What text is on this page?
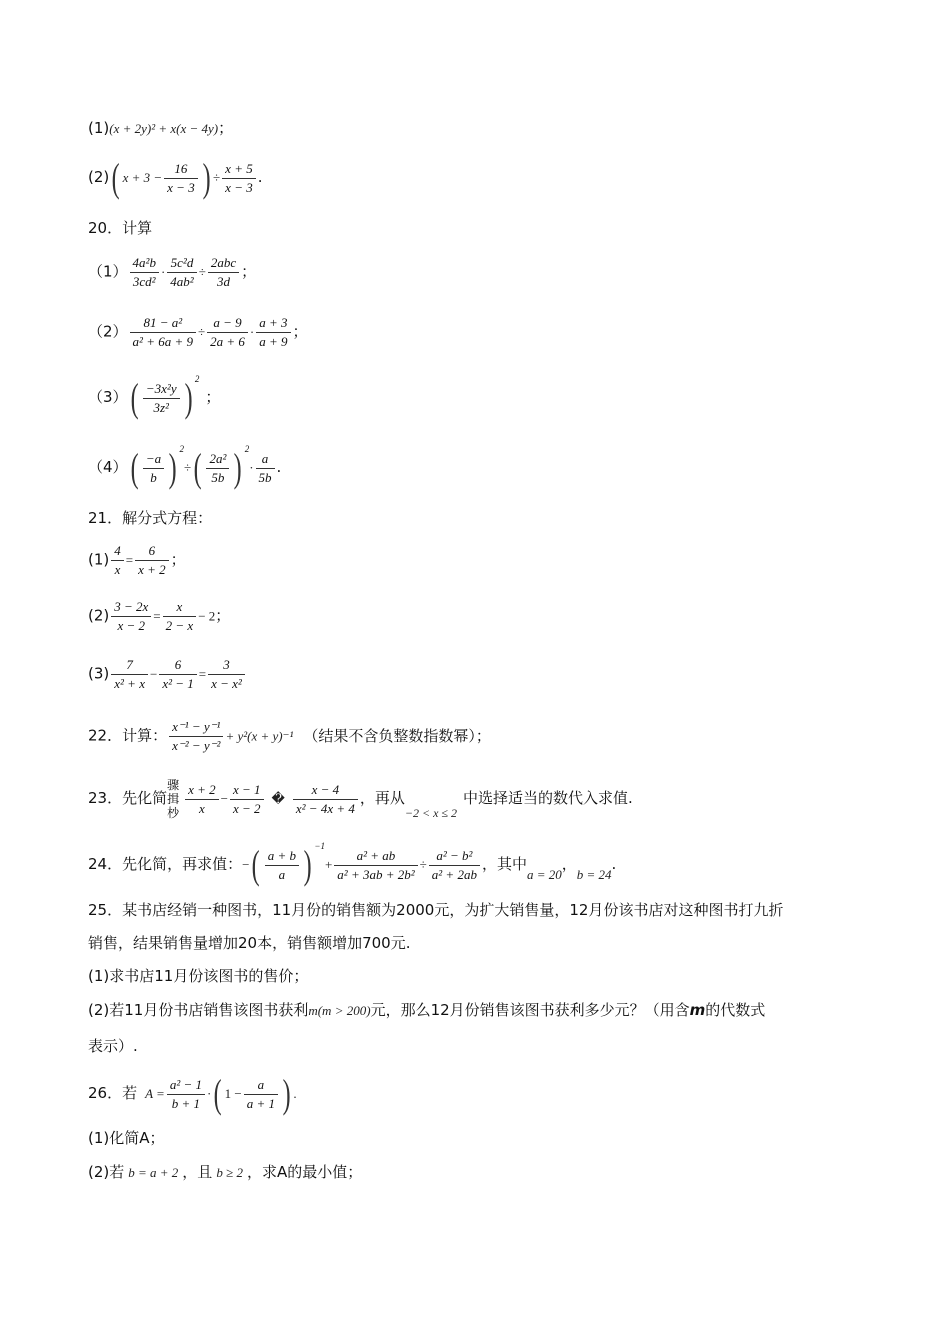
(1)(x + 2y)² + x(x − 4y)；
(2)( $x + 3 - \frac{16}{x - 3}$ ) ÷ $\frac{x + 5}{x - 3}$ .
20．计算
$(1) \frac{\text{4a²b}}{\text{3cd²}} \cdot \frac{\text{5c²d}}{\text{4ab²}} \div \frac{\text{2abc}}{3d}$ ；
$(2) \frac{\text{81 − a²}}{\text{a² + 6a + 9}} \div \frac{a - 9}{2a + 6} \cdot \frac{a + 3}{a + 9}$ ；
$(3)( \frac{\text{−3x²y}}{\text{3z²}}$ ) $^2$；
$(4)( \frac{-a}{b}$ ) $^2\div( \frac{\text{2a²}}{5b}$ ) $^2\cdot \frac{a}{5b}$ .
21．解分式方程：
$(1) \frac{4}{x} = \frac{6}{x + 2}$ ；
$(2) \frac{3 - 2x}{x - 2} = \frac{x}{2 - x} - 2$；
$(3) \frac{7}{\text{x² + x}} - \frac{6}{\text{x² − 1}} = \frac{3}{\text{x − x²}}$
22．计算： $\frac{\text{x⁻¹ − y⁻¹}}{\text{x⁻² − y⁻²}} + y^2(x + y)^{-1}$ （结果不含负整数指数幂）；
23．先化简骤揖杪 $\frac{x + 2}{x} - \frac{x - 1}{x - 2}$ � $\frac{x - 4}{\text{x² − 4x + 4}}$ ，再从$_{-2 < x \le 2}$中选择适当的数代入求值.
24．先化简，再求值：−( $\frac{a + b}{a}$ ) $^{-1}+ \frac{\text{a² + ab}}{\text{a² + 3ab + 2b²}} \div \frac{\text{a² − b²}}{\text{a² + 2ab}}$ ，其中a = 20，b = 24.
25．某书店经销一种图书，11月份的销售额为2000元，为扩大销售量，12月份该书店对这种图书打九折
销售，结果销售量增加20本，销售额增加700元.
(1)求书店11月份该图书的售价；
(2)若11月份书店销售该图书获利m(m > 200)元，那么12月份销售该图书获利多少元？（用含m的代数式
表示）.
26．若 $A = \frac{\text{a² − 1}}{b + 1}$ ·( $1 - \frac{a}{a + 1}$ ) .
(1)化简A；
(2)若 b = a + 2 ，且 b ≥ 2 ，求A的最小值；
